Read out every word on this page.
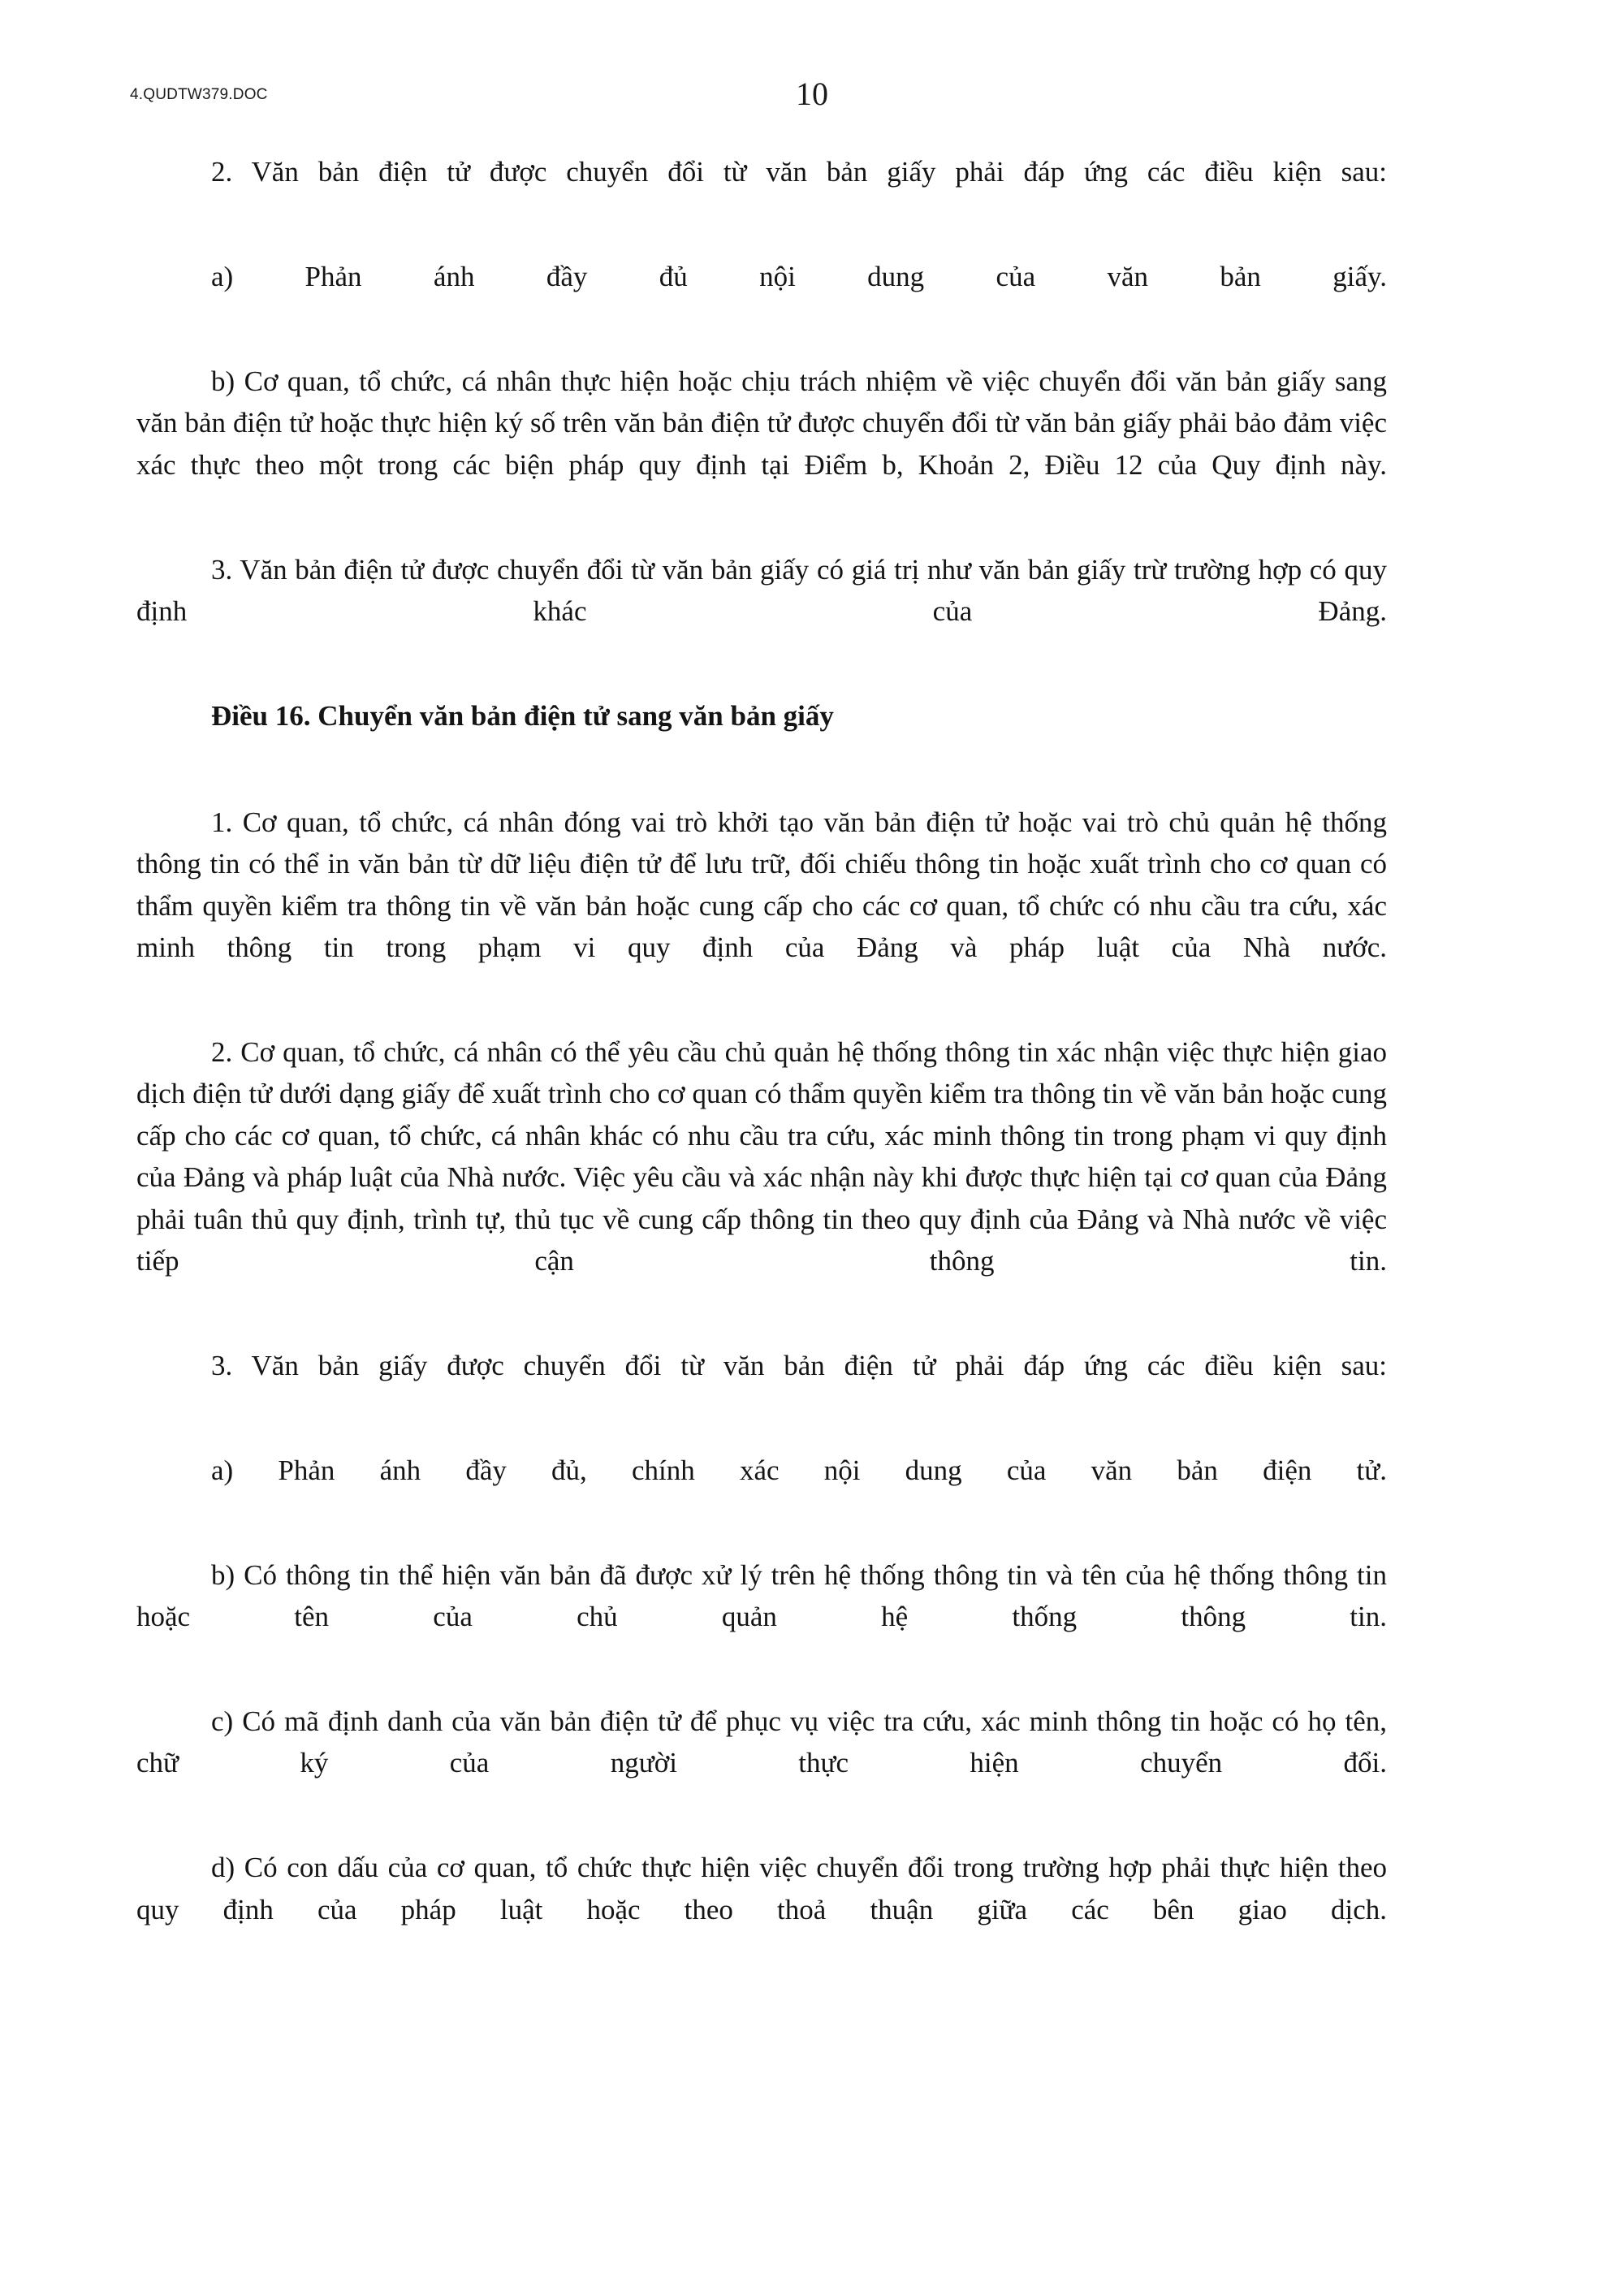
4.QUDTW379.DOC	10

2. Văn bản điện tử được chuyển đổi từ văn bản giấy phải đáp ứng các điều kiện sau:

a) Phản ánh đầy đủ nội dung của văn bản giấy.

b) Cơ quan, tổ chức, cá nhân thực hiện hoặc chịu trách nhiệm về việc chuyển đổi văn bản giấy sang văn bản điện tử hoặc thực hiện ký số trên văn bản điện tử được chuyển đổi từ văn bản giấy phải bảo đảm việc xác thực theo một trong các biện pháp quy định tại Điểm b, Khoản 2, Điều 12 của Quy định này.

3. Văn bản điện tử được chuyển đổi từ văn bản giấy có giá trị như văn bản giấy trừ trường hợp có quy định khác của Đảng.

Điều 16. Chuyển văn bản điện tử sang văn bản giấy

1. Cơ quan, tổ chức, cá nhân đóng vai trò khởi tạo văn bản điện tử hoặc vai trò chủ quản hệ thống thông tin có thể in văn bản từ dữ liệu điện tử để lưu trữ, đối chiếu thông tin hoặc xuất trình cho cơ quan có thẩm quyền kiểm tra thông tin về văn bản hoặc cung cấp cho các cơ quan, tổ chức có nhu cầu tra cứu, xác minh thông tin trong phạm vi quy định của Đảng và pháp luật của Nhà nước.

2. Cơ quan, tổ chức, cá nhân có thể yêu cầu chủ quản hệ thống thông tin xác nhận việc thực hiện giao dịch điện tử dưới dạng giấy để xuất trình cho cơ quan có thẩm quyền kiểm tra thông tin về văn bản hoặc cung cấp cho các cơ quan, tổ chức, cá nhân khác có nhu cầu tra cứu, xác minh thông tin trong phạm vi quy định của Đảng và pháp luật của Nhà nước. Việc yêu cầu và xác nhận này khi được thực hiện tại cơ quan của Đảng phải tuân thủ quy định, trình tự, thủ tục về cung cấp thông tin theo quy định của Đảng và Nhà nước về việc tiếp cận thông tin.

3. Văn bản giấy được chuyển đổi từ văn bản điện tử phải đáp ứng các điều kiện sau:

a) Phản ánh đầy đủ, chính xác nội dung của văn bản điện tử.

b) Có thông tin thể hiện văn bản đã được xử lý trên hệ thống thông tin và tên của hệ thống thông tin hoặc tên của chủ quản hệ thống thông tin.

c) Có mã định danh của văn bản điện tử để phục vụ việc tra cứu, xác minh thông tin hoặc có họ tên, chữ ký của người thực hiện chuyển đổi.

d) Có con dấu của cơ quan, tổ chức thực hiện việc chuyển đổi trong trường hợp phải thực hiện theo quy định của pháp luật hoặc theo thoả thuận giữa các bên giao dịch.
